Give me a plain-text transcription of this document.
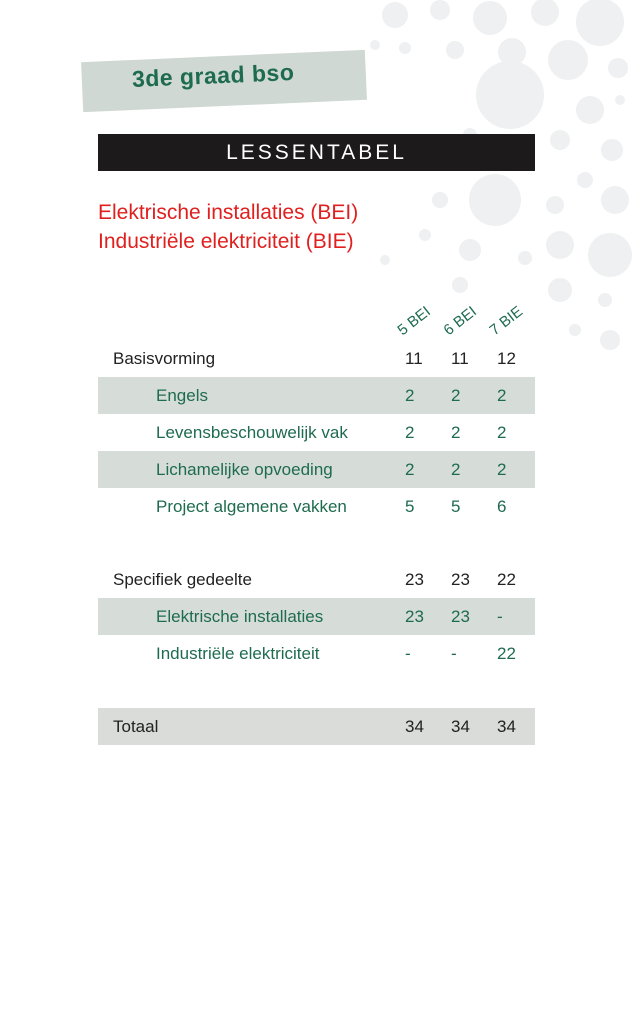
3de graad bso
LESSENTABEL
Elektrische installaties (BEI)
Industriële elektriciteit (BIE)
5 BEI 6 BEI 7 BIE
Basisvorming	11	11	12
Engels	2	2	2
Levensbeschouwelijk vak	2	2	2
Lichamelijke opvoeding	2	2	2
Project algemene vakken	5	5	6
Specifiek gedeelte	23	23	22
Elektrische installaties	23	23	-
Industriële elektriciteit	-	-	22
Totaal	34	34	34
